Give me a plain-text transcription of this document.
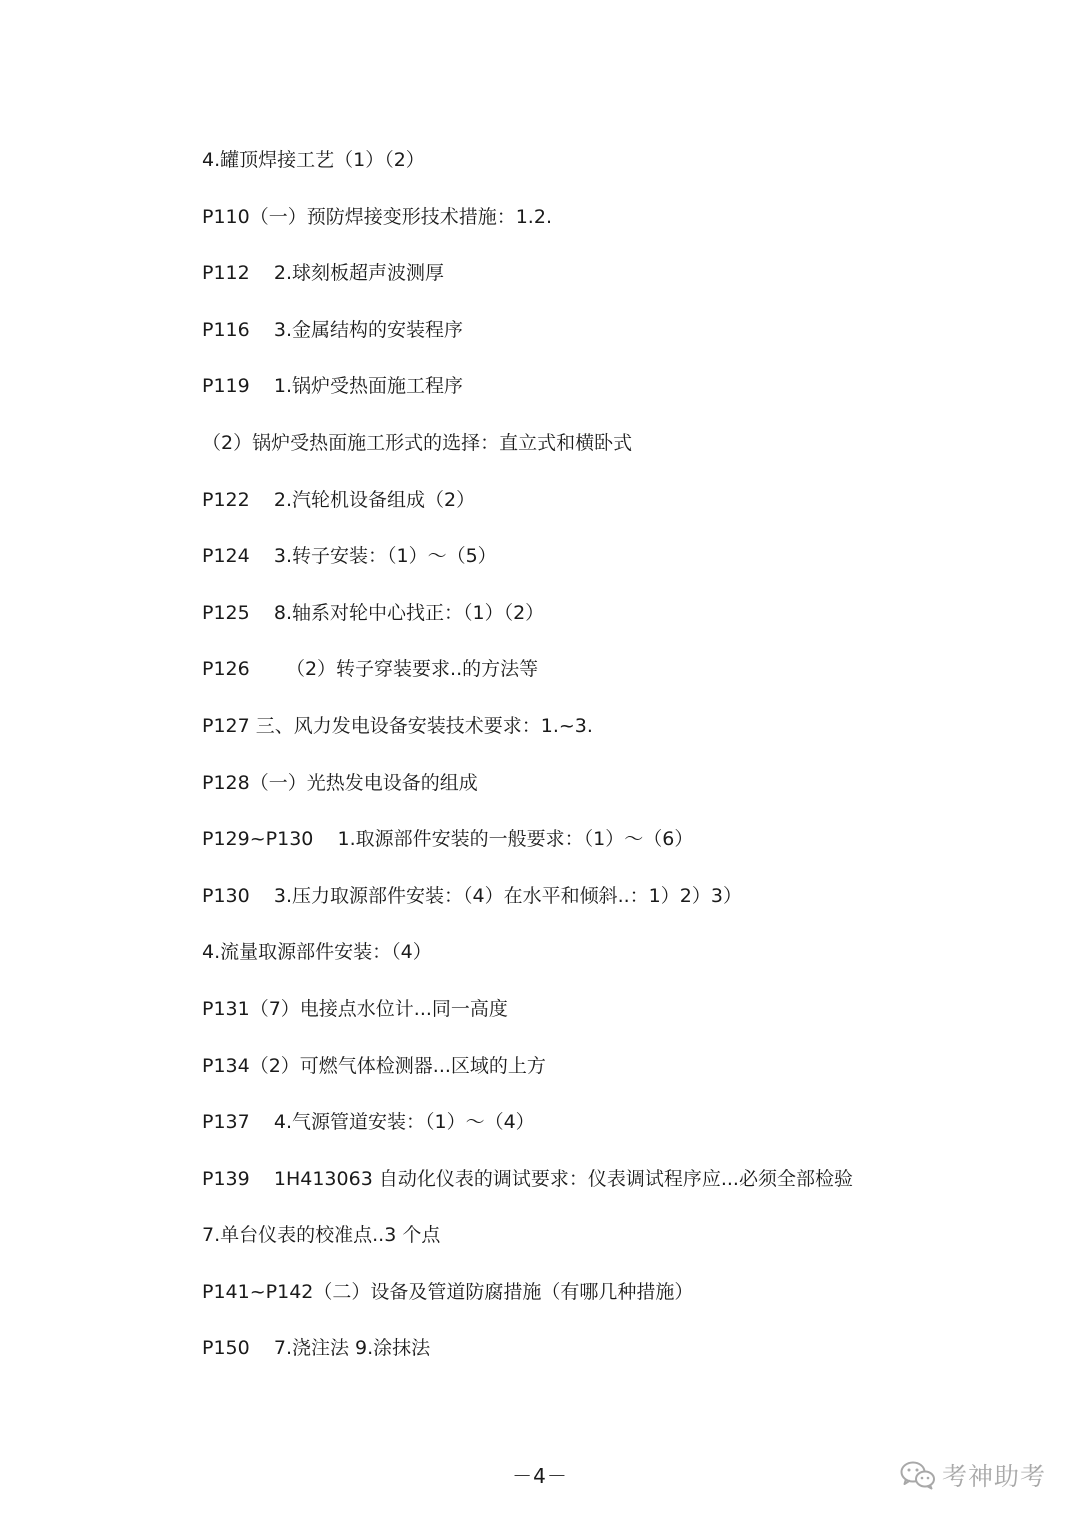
4.罐顶焊接工艺（1）（2）
P110（一）预防焊接变形技术措施：1.2.
P112    2.球刻板超声波测厚
P116    3.金属结构的安装程序
P119    1.锅炉受热面施工程序
（2）锅炉受热面施工形式的选择：直立式和横卧式
P122    2.汽轮机设备组成（2）
P124    3.转子安装：（1）～（5）
P125    8.轴系对轮中心找正：（1）（2）
P126      （2）转子穿装要求..的方法等
P127 三、风力发电设备安装技术要求：1.~3.
P128（一）光热发电设备的组成
P129~P130    1.取源部件安装的一般要求：（1）～（6）
P130    3.压力取源部件安装：（4）在水平和倾斜..：1）2）3）
4.流量取源部件安装：（4）
P131（7）电接点水位计...同一高度
P134（2）可燃气体检测器...区域的上方
P137    4.气源管道安装：（1）～（4）
P139    1H413063 自动化仪表的调试要求：仪表调试程序应...必须全部检验
7.单台仪表的校准点..3 个点
P141~P142（二）设备及管道防腐措施（有哪几种措施）
P150    7.浇注法 9.涂抹法
－4－	考神助考
